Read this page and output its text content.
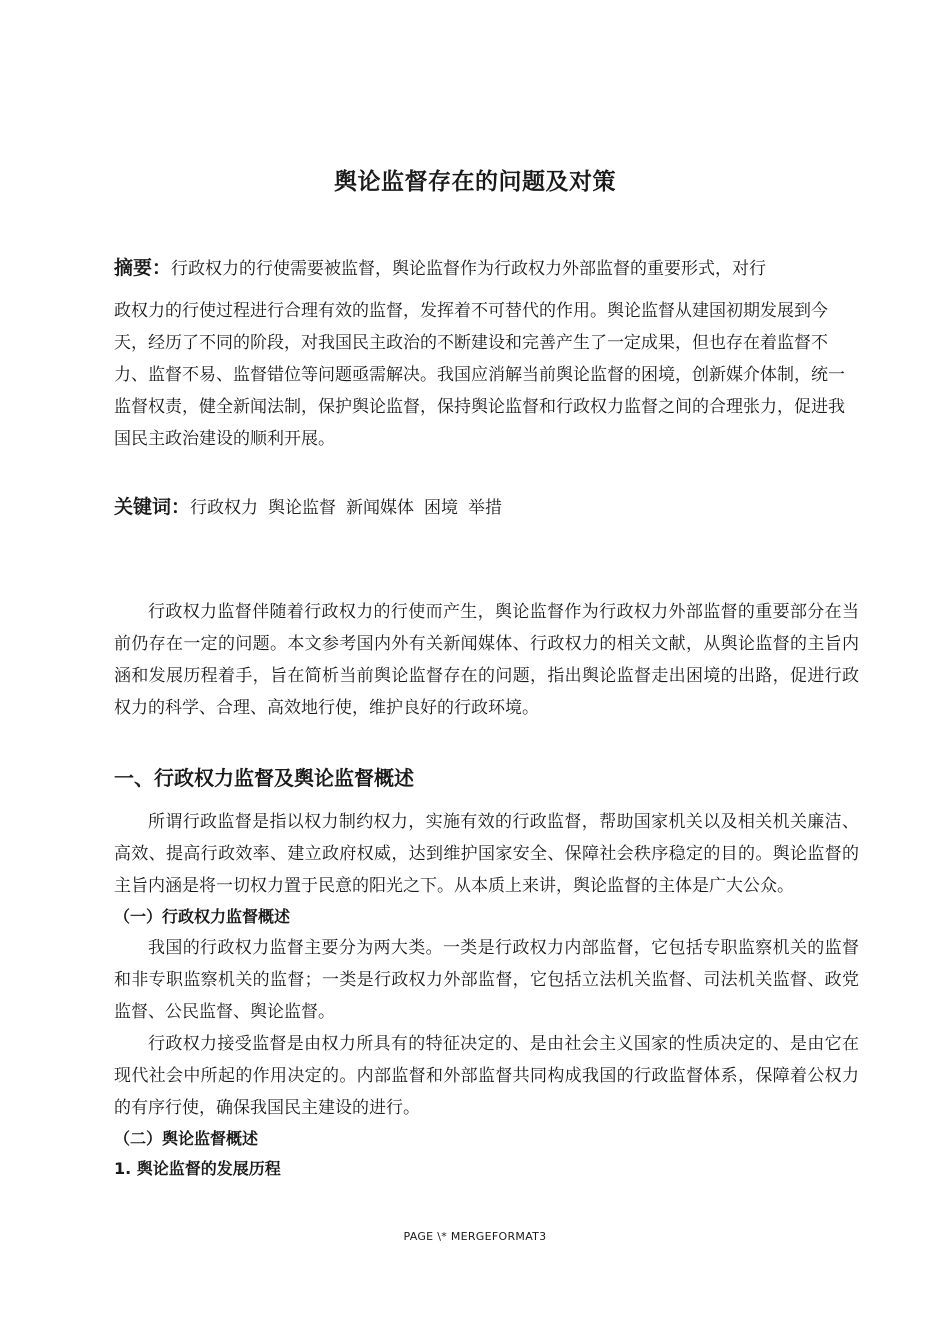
舆论监督存在的问题及对策
摘要：行政权力的行使需要被监督，舆论监督作为行政权力外部监督的重要形式，对行
政权力的行使过程进行合理有效的监督，发挥着不可替代的作用。舆论监督从建国初期发展到今天，经历了不同的阶段，对我国民主政治的不断建设和完善产生了一定成果，但也存在着监督不力、监督不易、监督错位等问题亟需解决。我国应消解当前舆论监督的困境，创新媒介体制，统一监督权责，健全新闻法制，保护舆论监督，保持舆论监督和行政权力监督之间的合理张力，促进我国民主政治建设的顺利开展。
关键词：行政权力 舆论监督 新闻媒体 困境 举措

行政权力监督伴随着行政权力的行使而产生，舆论监督作为行政权力外部监督的重要部分在当前仍存在一定的问题。本文参考国内外有关新闻媒体、行政权力的相关文献，从舆论监督的主旨内涵和发展历程着手，旨在简析当前舆论监督存在的问题，指出舆论监督走出困境的出路，促进行政权力的科学、合理、高效地行使，维护良好的行政环境。

一、行政权力监督及舆论监督概述

所谓行政监督是指以权力制约权力，实施有效的行政监督，帮助国家机关以及相关机关廉洁、高效、提高行政效率、建立政府权威，达到维护国家安全、保障社会秩序稳定的目的。舆论监督的主旨内涵是将一切权力置于民意的阳光之下。从本质上来讲，舆论监督的主体是广大公众。

（一）行政权力监督概述

我国的行政权力监督主要分为两大类。一类是行政权力内部监督，它包括专职监察机关的监督和非专职监察机关的监督；一类是行政权力外部监督，它包括立法机关监督、司法机关监督、政党监督、公民监督、舆论监督。

行政权力接受监督是由权力所具有的特征决定的、是由社会主义国家的性质决定的、是由它在现代社会中所起的作用决定的。内部监督和外部监督共同构成我国的行政监督体系，保障着公权力的有序行使，确保我国民主建设的进行。

（二）舆论监督概述

1. 舆论监督的发展历程

PAGE \* MERGEFORMAT3
